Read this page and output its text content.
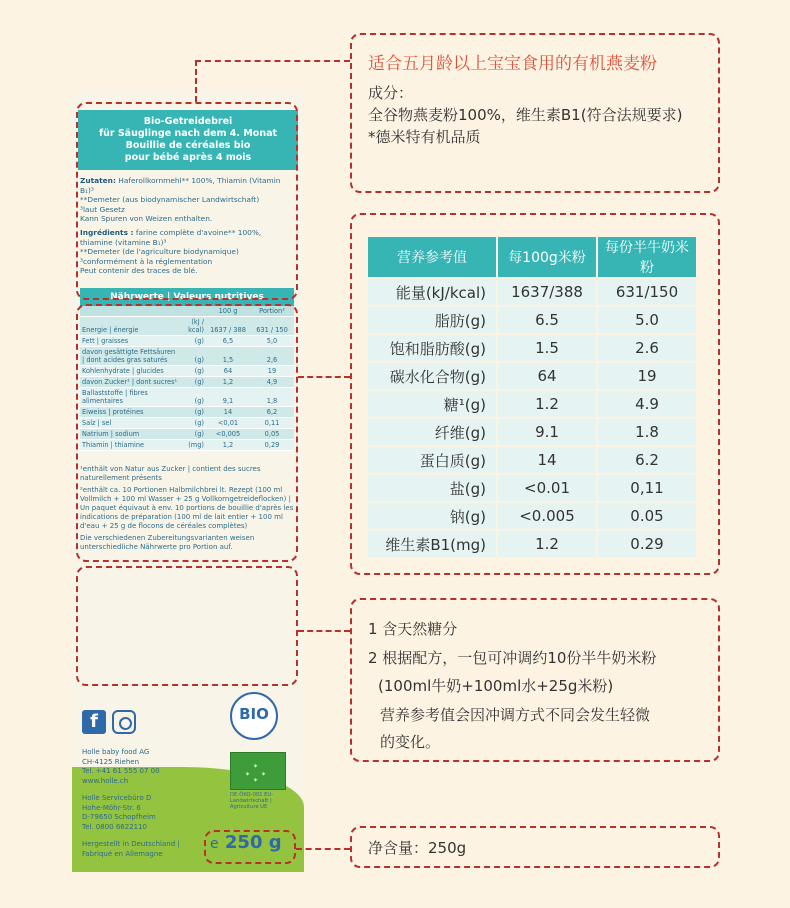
Bio-Getreidebrei
für Säuglinge nach dem 4. Monat
Bouillie de céréales bio
pour bébé après 4 mois

Zutaten: Haferollkornmehl** 100%, Thiamin (Vitamin B₁)³
**Demeter (aus biodynamischer Landwirtschaft)
³laut Gesetz
Kann Spuren von Weizen enthalten.

Ingrédients : farine complète d'avoine** 100%, thiamine (vitamine B₁)³
**Demeter (de l'agriculture biodynamique)
³conformément à la réglementation
Peut contenir des traces de blé.

Nährwerte | Valeurs nutritives
		100 g	Portion²
Energie | énergie	(kJ / kcal)	1637 / 388	631 / 150
Fett | graisses	(g)	6,5	5,0
davon gesättigte Fettsäuren | dont acides gras saturés	(g)	1,5	2,6
Kohlenhydrate | glucides	(g)	64	19
davon Zucker¹ | dont sucres¹	(g)	1,2	4,9
Ballaststoffe | fibres alimentaires	(g)	9,1	1,8
Eiweiss | protéines	(g)	14	6,2
Salz | sel	(g)	<0,01	0,11
Natrium | sodium	(g)	<0,005	0,05
Thiamin | thiamine	(mg)	1,2	0,29

¹enthält von Natur aus Zucker | contient des sucres naturellement présents

²enthält ca. 10 Portionen Halbmilchbrei lt. Rezept (100 ml Vollmilch + 100 ml Wasser + 25 g Vollkorngetreideflocken) | Un paquet équivaut à env. 10 portions de bouillie d'après les indications de préparation (100 ml de lait entier + 100 ml d'eau + 25 g de flocons de céréales complètes)

Die verschiedenen Zubereitungsvarianten weisen unterschiedliche Nährwerte pro Portion auf.

f	BIO

Holle baby food AG
CH-4125 Riehen
Tel. +41 61 555 07 00
www.holle.ch

Holle Servicebüro D
Hohe-Möhr-Str. 6
D-79650 Schopfheim
Tel. 0800 6622110

Hergestellt in Deutschland |
Fabriqué en Allemagne

✦
✦ ✦
✦
DE-ÖKO-001 EU-Landwirtschaft | Agriculture UE
e 250 g
适合五月龄以上宝宝食用的有机燕麦粉
成分：
全谷物燕麦粉100%，维生素B1(符合法规要求)
*德米特有机品质
营养参考值	每100g米粉	每份半牛奶米粉
能量(kJ/kcal)	1637/388	631/150
脂肪(g)	6.5	5.0
饱和脂肪酸(g)	1.5	2.6
碳水化合物(g)	64	19
糖¹(g)	1.2	4.9
纤维(g)	9.1	1.8
蛋白质(g)	14	6.2
盐(g)	<0.01	0,11
钠(g)	<0.005	0.05
维生素B1(mg)	1.2	0.29
1 含天然糖分
2 根据配方，一包可冲调约10份半牛奶米粉
(100ml牛奶+100ml水+25g米粉)
营养参考值会因冲调方式不同会发生轻微
的变化。
净含量：250g
